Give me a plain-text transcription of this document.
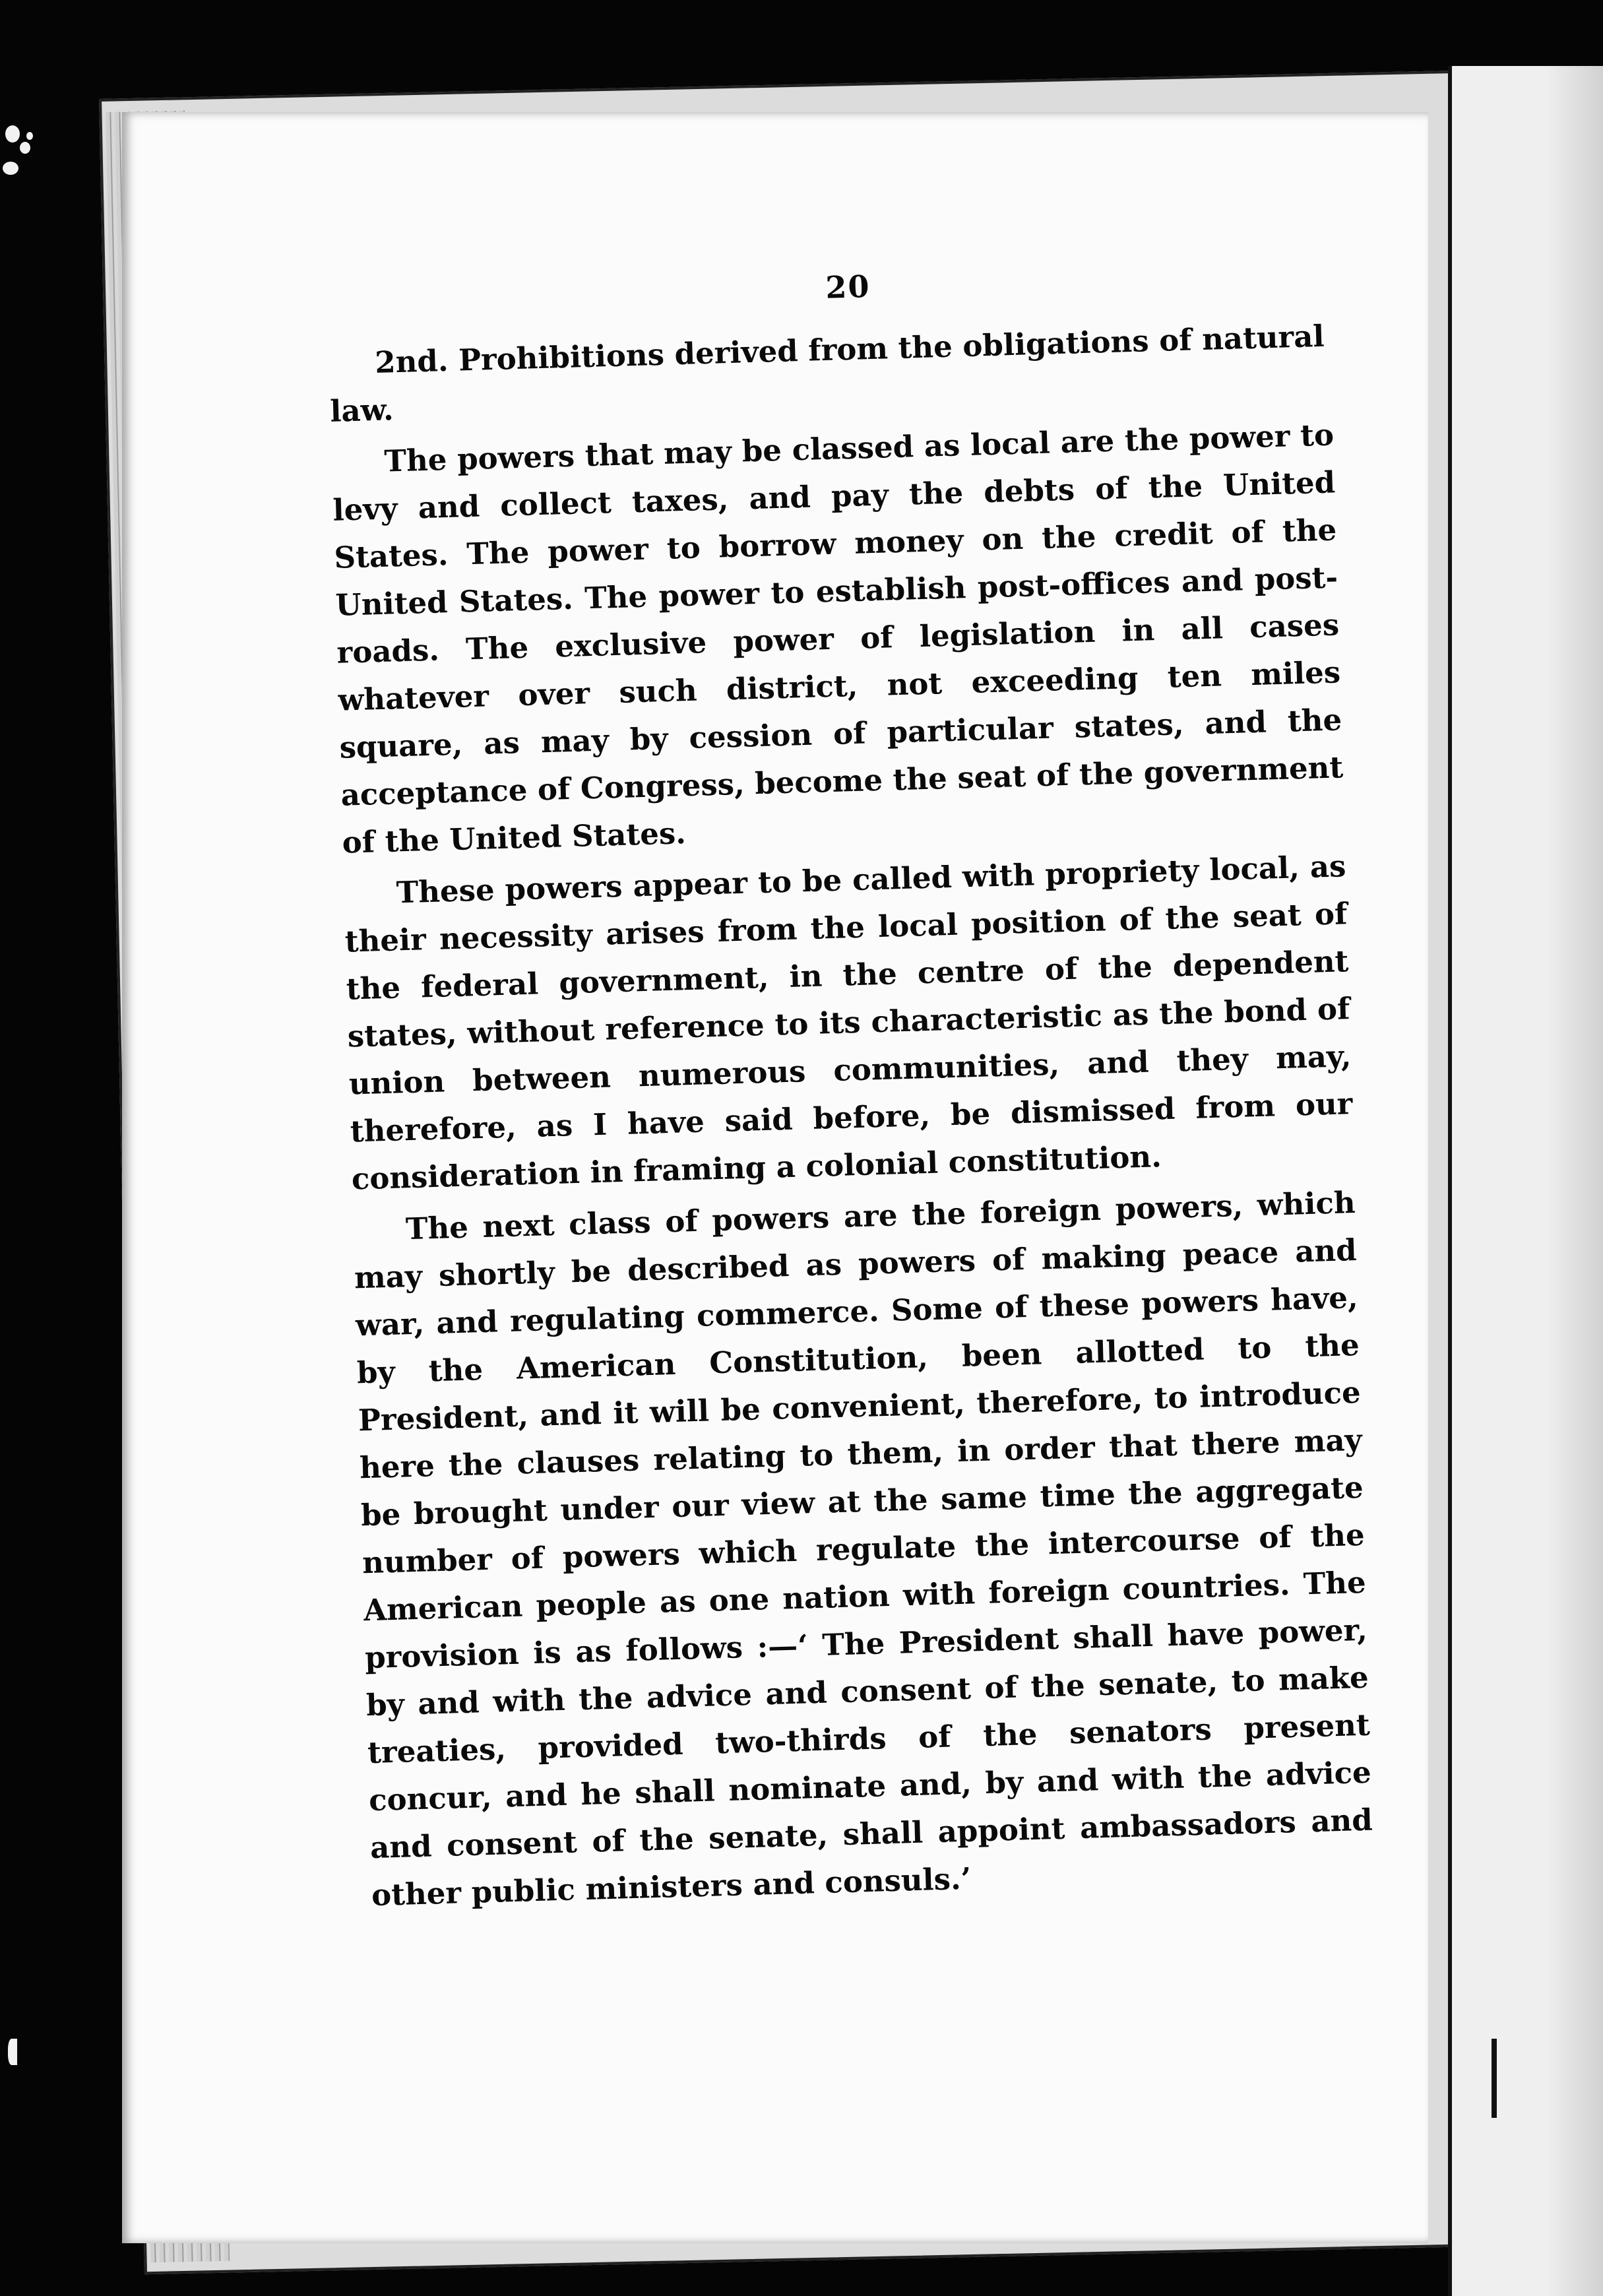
20

2nd. Prohibitions derived from the obligations of natural
law.

The powers that may be classed as local are the power to levy and collect taxes, and pay the debts of the United States. The power to borrow money on the credit of the United States. The power to establish post-offices and post-roads. The exclusive power of legislation in all cases whatever over such district, not exceeding ten miles square, as may by cession of particular states, and the acceptance of Congress, become the seat of the government of the United States.

These powers appear to be called with propriety local, as their necessity arises from the local position of the seat of the federal government, in the centre of the dependent states, without reference to its characteristic as the bond of union between numerous communities, and they may, therefore, as I have said before, be dismissed from our consideration in framing a colonial constitution.

The next class of powers are the foreign powers, which may shortly be described as powers of making peace and war, and regulating commerce. Some of these powers have, by the American Constitution, been allotted to the President, and it will be convenient, therefore, to introduce here the clauses relating to them, in order that there may be brought under our view at the same time the aggregate number of powers which regulate the intercourse of the American people as one nation with foreign countries. The provision is as follows :—‘ The President shall have power, by and with the advice and consent of the senate, to make treaties, provided two-thirds of the senators present concur, and he shall nominate and, by and with the advice and consent of the senate, shall appoint ambassadors and other public ministers and consuls.’
